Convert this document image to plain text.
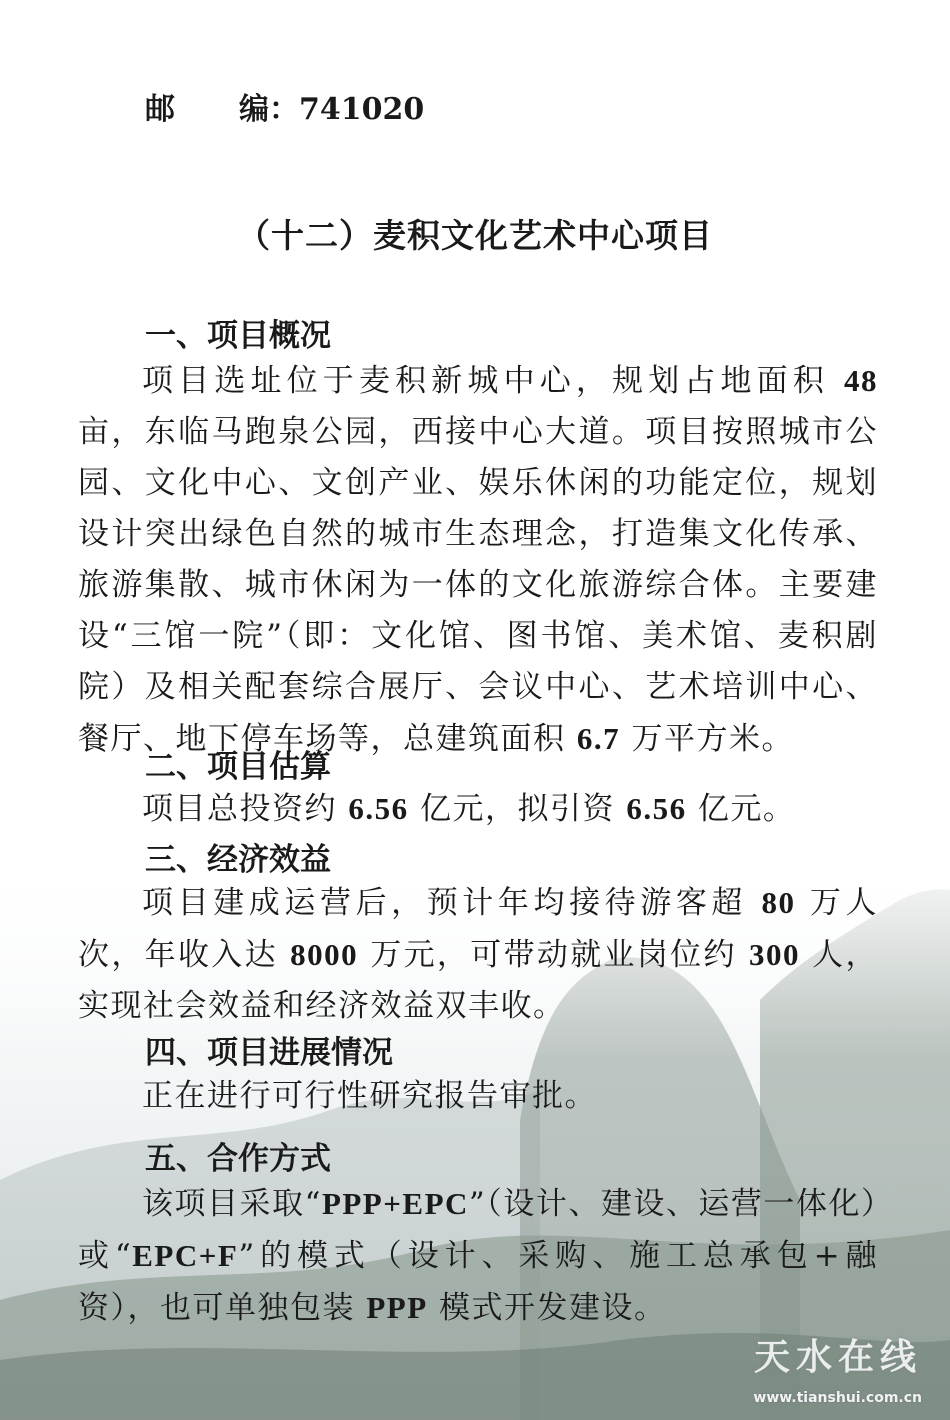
邮 编：741020
（十二）麦积文化艺术中心项目
一、项目概况

项目选址位于麦积新城中心，规划占地面积 48 亩，东临马跑泉公园，西接中心大道。项目按照城市公园、文化中心、文创产业、娱乐休闲的功能定位，规划设计突出绿色自然的城市生态理念，打造集文化传承、旅游集散、城市休闲为一体的文化旅游综合体。主要建设“三馆一院”（即：文化馆、图书馆、美术馆、麦积剧院）及相关配套综合展厅、会议中心、艺术培训中心、餐厅、地下停车场等，总建筑面积 6.7 万平方米。

二、项目估算

项目总投资约 6.56 亿元，拟引资 6.56 亿元。

三、经济效益

项目建成运营后，预计年均接待游客超 80 万人次，年收入达 8000 万元，可带动就业岗位约 300 人，实现社会效益和经济效益双丰收。

四、项目进展情况

正在进行可行性研究报告审批。

五、合作方式

该项目采取“PPP+EPC”（设计、建设、运营一体化）或“EPC+F”的模式（设计、采购、施工总承包+融资），也可单独包装 PPP 模式开发建设。

天水在线
www.tianshui.com.cn
